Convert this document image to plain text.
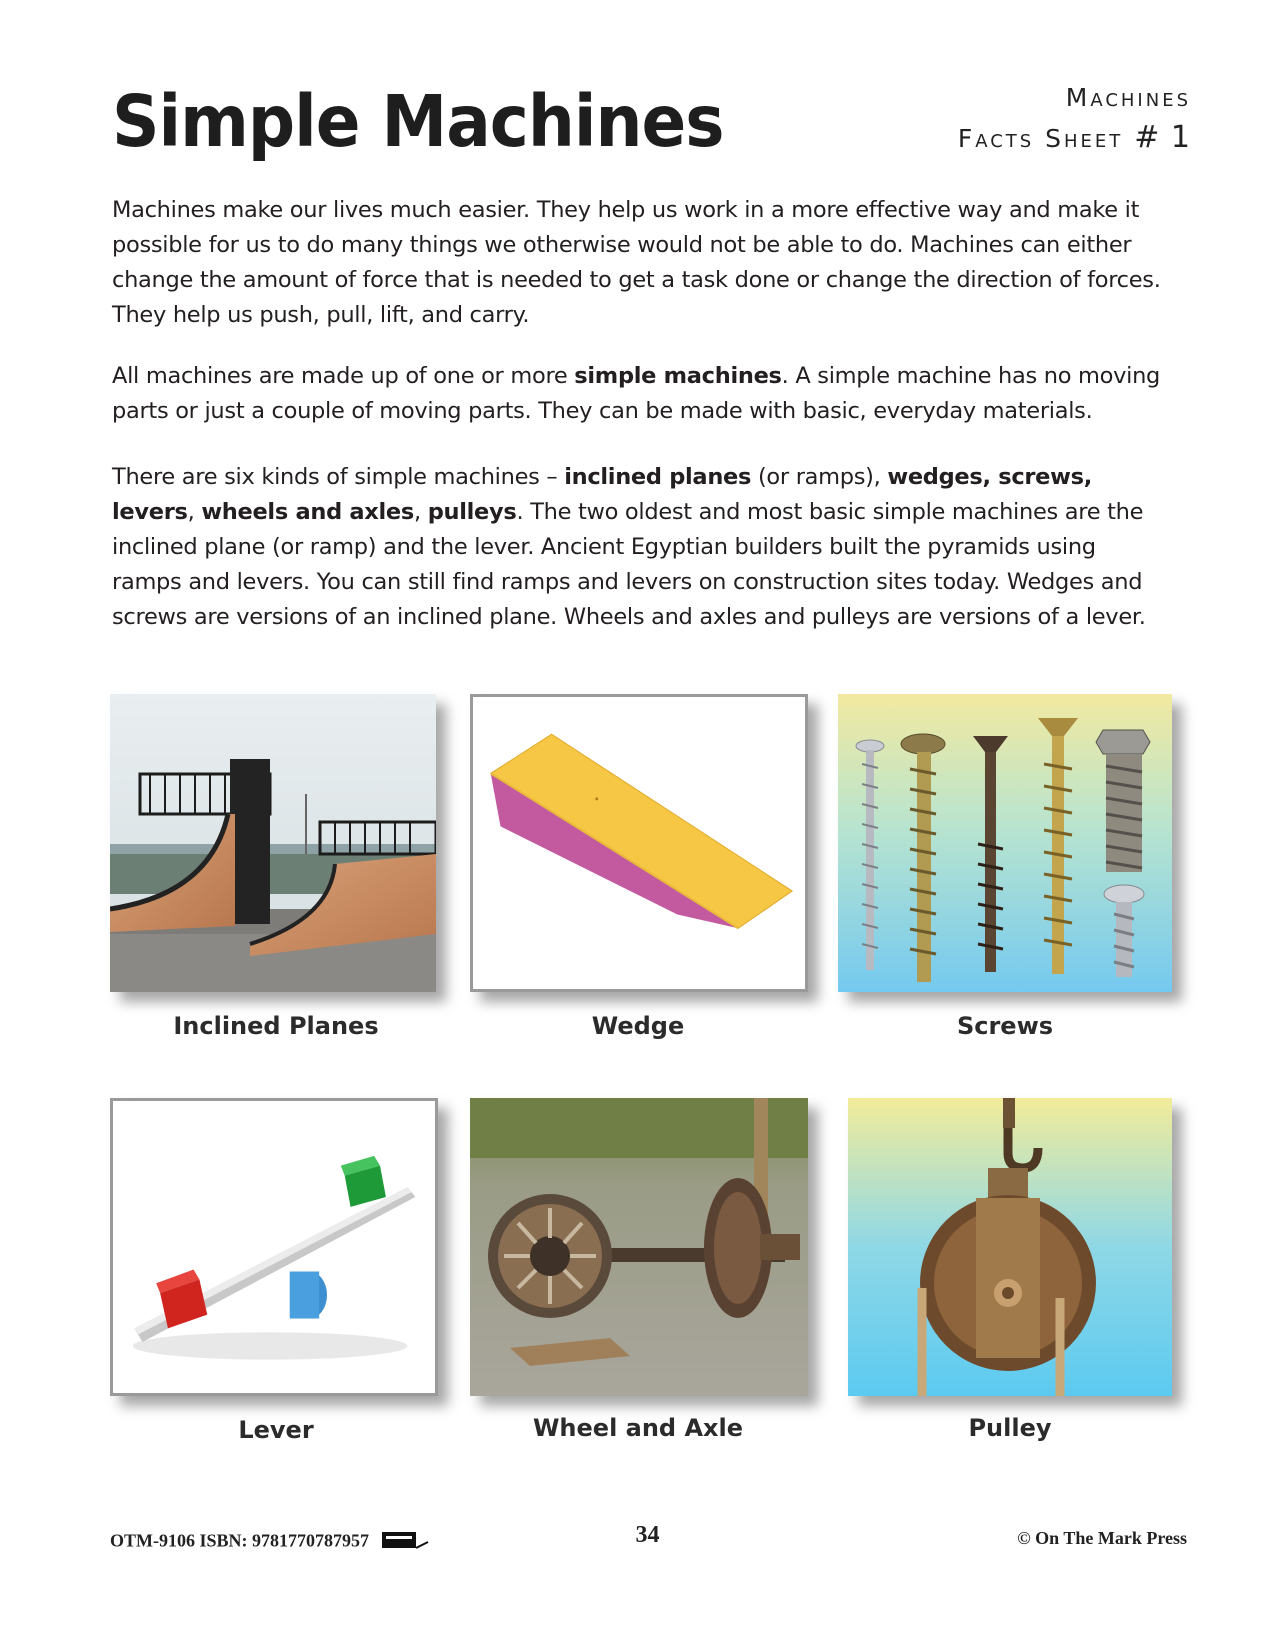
Simple Machines	Machines
Facts Sheet # 1

Machines make our lives much easier. They help us work in a more effective way and make it possible for us to do many things we otherwise would not be able to do. Machines can either change the amount of force that is needed to get a task done or change the direction of forces. They help us push, pull, lift, and carry.

All machines are made up of one or more simple machines. A simple machine has no moving parts or just a couple of moving parts. They can be made with basic, everyday materials.

There are six kinds of simple machines – inclined planes (or ramps), wedges, screws, levers, wheels and axles, pulleys. The two oldest and most basic simple machines are the inclined plane (or ramp) and the lever. Ancient Egyptian builders built the pyramids using ramps and levers. You can still find ramps and levers on construction sites today. Wedges and screws are versions of an inclined plane. Wheels and axles and pulleys are versions of a lever.

Inclined Planes	Wedge	Screws
Lever	Wheel and Axle	Pulley
OTM-9106 ISBN: 9781770787957	34	© On The Mark Press
